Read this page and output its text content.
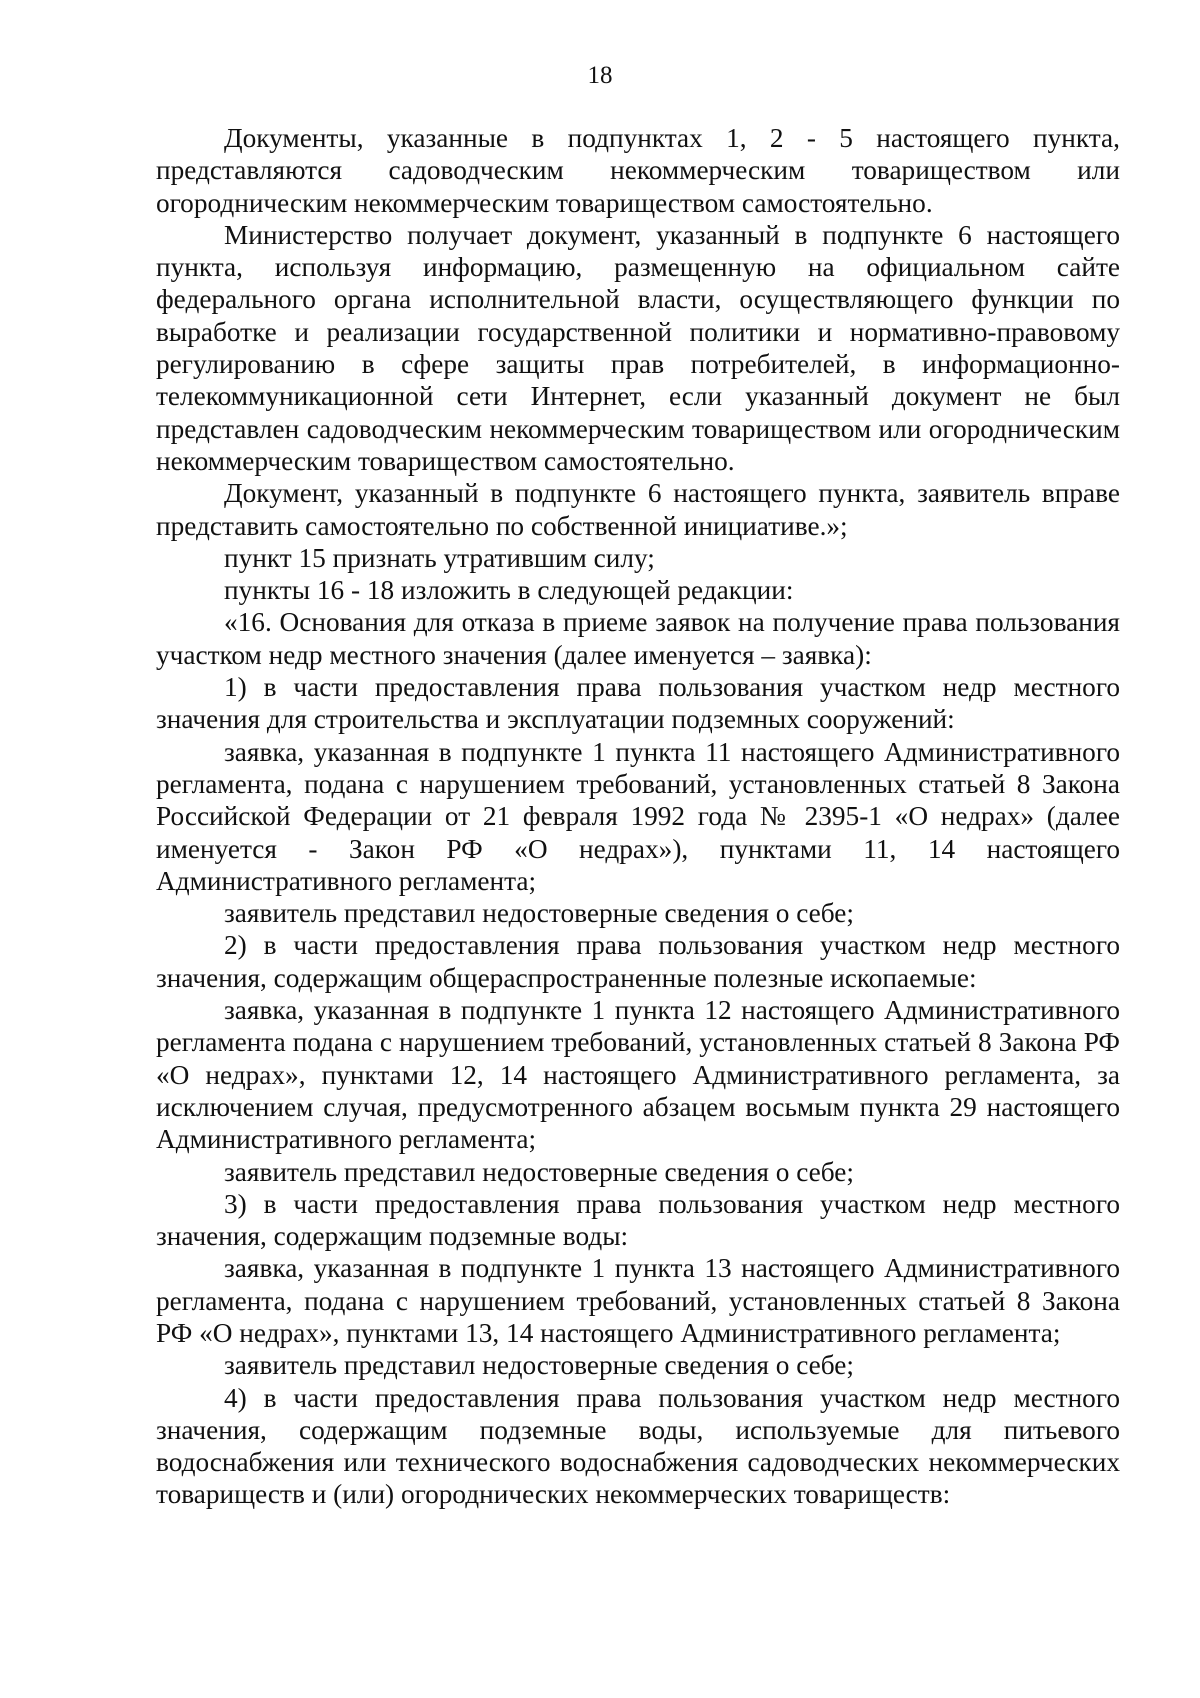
18

Документы, указанные в подпунктах 1, 2 - 5 настоящего пункта, представляются садоводческим некоммерческим товариществом или огородническим некоммерческим товариществом самостоятельно.

Министерство получает документ, указанный в подпункте 6 настоящего пункта, используя информацию, размещенную на официальном сайте федерального органа исполнительной власти, осуществляющего функции по выработке и реализации государственной политики и нормативно-правовому регулированию в сфере защиты прав потребителей, в информационно-телекоммуникационной сети Интернет, если указанный документ не был представлен садоводческим некоммерческим товариществом или огородническим некоммерческим товариществом самостоятельно.

Документ, указанный в подпункте 6 настоящего пункта, заявитель вправе представить самостоятельно по собственной инициативе.»;

пункт 15 признать утратившим силу;

пункты 16 - 18 изложить в следующей редакции:

«16. Основания для отказа в приеме заявок на получение права пользования участком недр местного значения (далее именуется – заявка):

1) в части предоставления права пользования участком недр местного значения для строительства и эксплуатации подземных сооружений:

заявка, указанная в подпункте 1 пункта 11 настоящего Административного регламента, подана с нарушением требований, установленных статьей 8 Закона Российской Федерации от 21 февраля 1992 года № 2395-1 «О недрах» (далее именуется - Закон РФ «О недрах»), пунктами 11, 14 настоящего Административного регламента;

заявитель представил недостоверные сведения о себе;

2) в части предоставления права пользования участком недр местного значения, содержащим общераспространенные полезные ископаемые:

заявка, указанная в подпункте 1 пункта 12 настоящего Административного регламента подана с нарушением требований, установленных статьей 8 Закона РФ «О недрах», пунктами 12, 14 настоящего Административного регламента, за исключением случая, предусмотренного абзацем восьмым пункта 29 настоящего Административного регламента;

заявитель представил недостоверные сведения о себе;

3) в части предоставления права пользования участком недр местного значения, содержащим подземные воды:

заявка, указанная в подпункте 1 пункта 13 настоящего Административного регламента, подана с нарушением требований, установленных статьей 8 Закона РФ «О недрах», пунктами 13, 14 настоящего Административного регламента;

заявитель представил недостоверные сведения о себе;

4) в части предоставления права пользования участком недр местного значения, содержащим подземные воды, используемые для питьевого водоснабжения или технического водоснабжения садоводческих некоммерческих товариществ и (или) огороднических некоммерческих товариществ:
